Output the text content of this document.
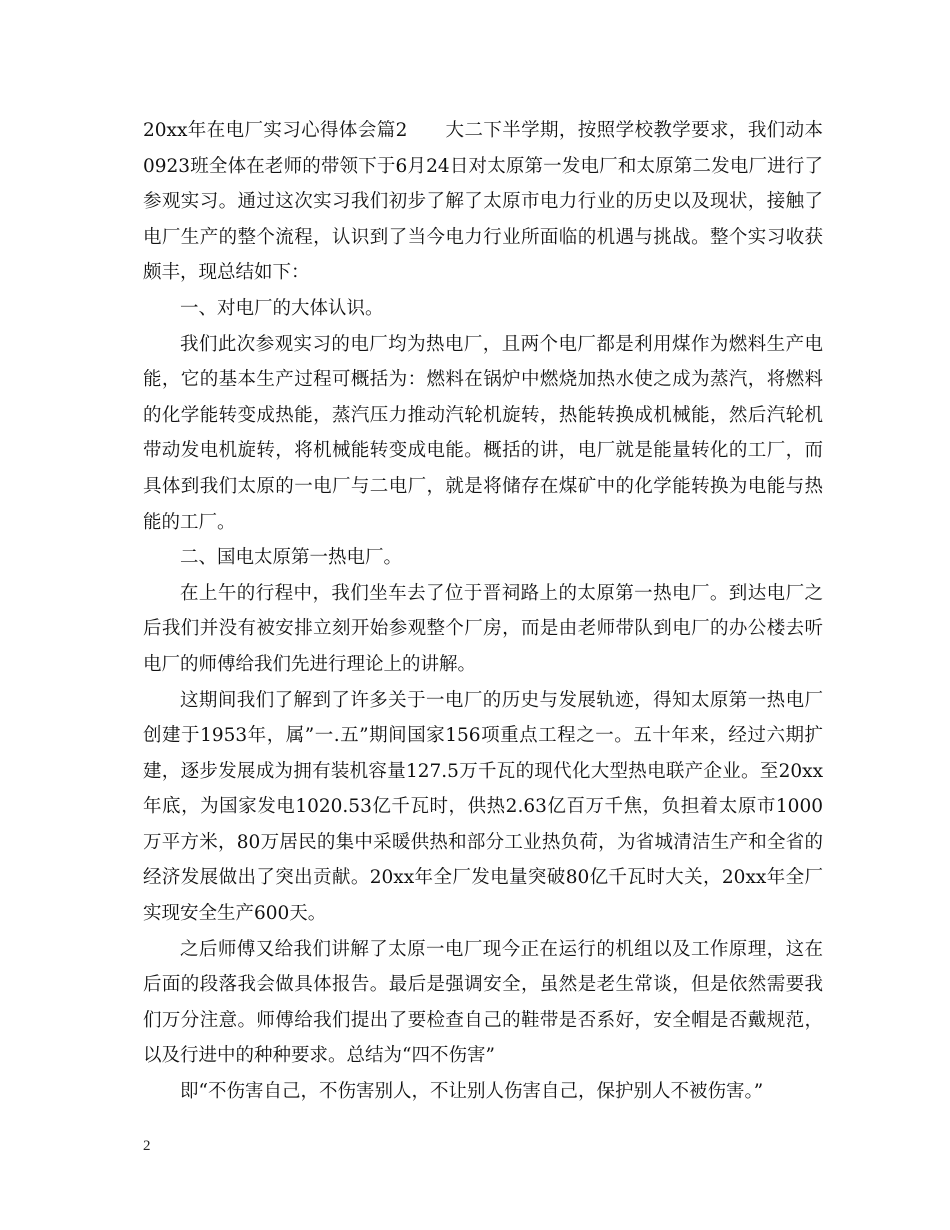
20xx年在电厂实习心得体会篇2　　大二下半学期，按照学校教学要求，我们动本0923班全体在老师的带领下于6月24日对太原第一发电厂和太原第二发电厂进行了参观实习。通过这次实习我们初步了解了太原市电力行业的历史以及现状，接触了电厂生产的整个流程，认识到了当今电力行业所面临的机遇与挑战。整个实习收获颇丰，现总结如下：

一、对电厂的大体认识。

我们此次参观实习的电厂均为热电厂，且两个电厂都是利用煤作为燃料生产电能，它的基本生产过程可概括为：燃料在锅炉中燃烧加热水使之成为蒸汽，将燃料的化学能转变成热能，蒸汽压力推动汽轮机旋转，热能转换成机械能，然后汽轮机带动发电机旋转，将机械能转变成电能。概括的讲，电厂就是能量转化的工厂，而具体到我们太原的一电厂与二电厂，就是将储存在煤矿中的化学能转换为电能与热能的工厂。

二、国电太原第一热电厂。

在上午的行程中，我们坐车去了位于晋祠路上的太原第一热电厂。到达电厂之后我们并没有被安排立刻开始参观整个厂房，而是由老师带队到电厂的办公楼去听电厂的师傅给我们先进行理论上的讲解。

这期间我们了解到了许多关于一电厂的历史与发展轨迹，得知太原第一热电厂创建于1953年，属”一.五”期间国家156项重点工程之一。五十年来，经过六期扩建，逐步发展成为拥有装机容量127.5万千瓦的现代化大型热电联产企业。至20xx年底，为国家发电1020.53亿千瓦时，供热2.63亿百万千焦，负担着太原市1000万平方米，80万居民的集中采暖供热和部分工业热负荷，为省城清洁生产和全省的经济发展做出了突出贡献。20xx年全厂发电量突破80亿千瓦时大关，20xx年全厂实现安全生产600天。

之后师傅又给我们讲解了太原一电厂现今正在运行的机组以及工作原理，这在后面的段落我会做具体报告。最后是强调安全，虽然是老生常谈，但是依然需要我们万分注意。师傅给我们提出了要检查自己的鞋带是否系好，安全帽是否戴规范，以及行进中的种种要求。总结为“四不伤害”

即“不伤害自己，不伤害别人，不让别人伤害自己，保护别人不被伤害。”

2
